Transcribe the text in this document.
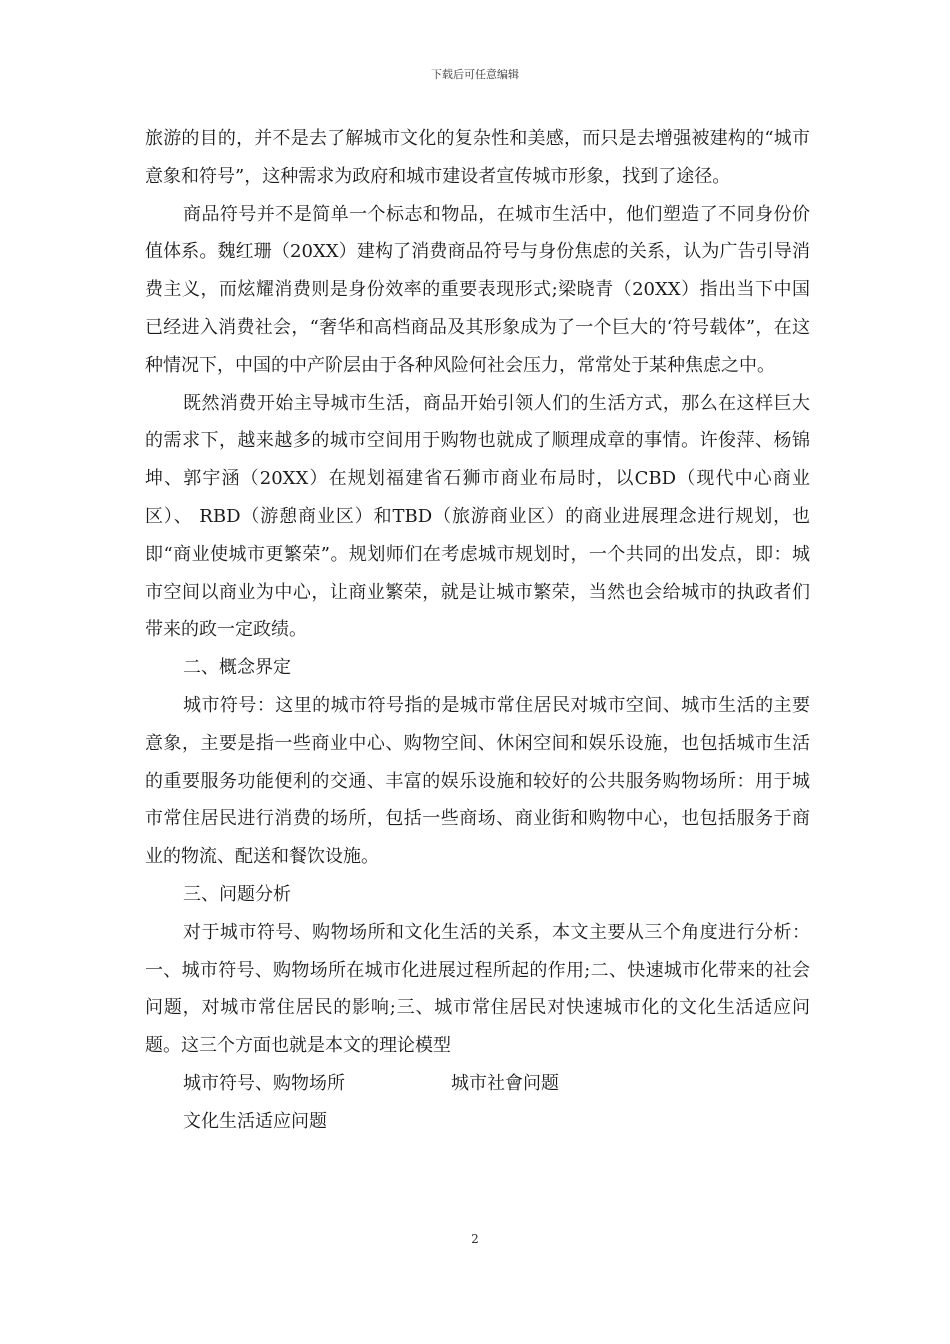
下载后可任意编辑

旅游的目的，并不是去了解城市文化的复杂性和美感，而只是去增强被建构的“城市意象和符号”，这种需求为政府和城市建设者宣传城市形象，找到了途径。

商品符号并不是简单一个标志和物品，在城市生活中，他们塑造了不同身份价值体系。魏红珊（20XX）建构了消费商品符号与身份焦虑的关系，认为广告引导消费主义，而炫耀消费则是身份效率的重要表现形式;梁晓青（20XX）指出当下中国已经进入消费社会，“奢华和高档商品及其形象成为了一个巨大的‘符号载体”，在这种情况下，中国的中产阶层由于各种风险何社会压力，常常处于某种焦虑之中。

既然消费开始主导城市生活，商品开始引领人们的生活方式，那么在这样巨大的需求下，越来越多的城市空间用于购物也就成了顺理成章的事情。许俊萍、杨锦坤、郭宇涵（20XX）在规划福建省石狮市商业布局时，以CBD（现代中心商业区）、 RBD（游憩商业区）和TBD（旅游商业区）的商业进展理念进行规划，也即“商业使城市更繁荣”。规划师们在考虑城市规划时，一个共同的出发点，即：城市空间以商业为中心，让商业繁荣，就是让城市繁荣，当然也会给城市的执政者们带来的政一定政绩。

二、概念界定

城市符号：这里的城市符号指的是城市常住居民对城市空间、城市生活的主要意象，主要是指一些商业中心、购物空间、休闲空间和娱乐设施，也包括城市生活的重要服务功能便利的交通、丰富的娱乐设施和较好的公共服务购物场所：用于城市常住居民进行消费的场所，包括一些商场、商业街和购物中心，也包括服务于商业的物流、配送和餐饮设施。

三、问题分析

对于城市符号、购物场所和文化生活的关系，本文主要从三个角度进行分析：一、城市符号、购物场所在城市化进展过程所起的作用;二、快速城市化带来的社会问题，对城市常住居民的影响;三、城市常住居民对快速城市化的文化生活适应问题。这三个方面也就是本文的理论模型

城市符号、购物场所	城市社會问题
文化生活适应问题
2
